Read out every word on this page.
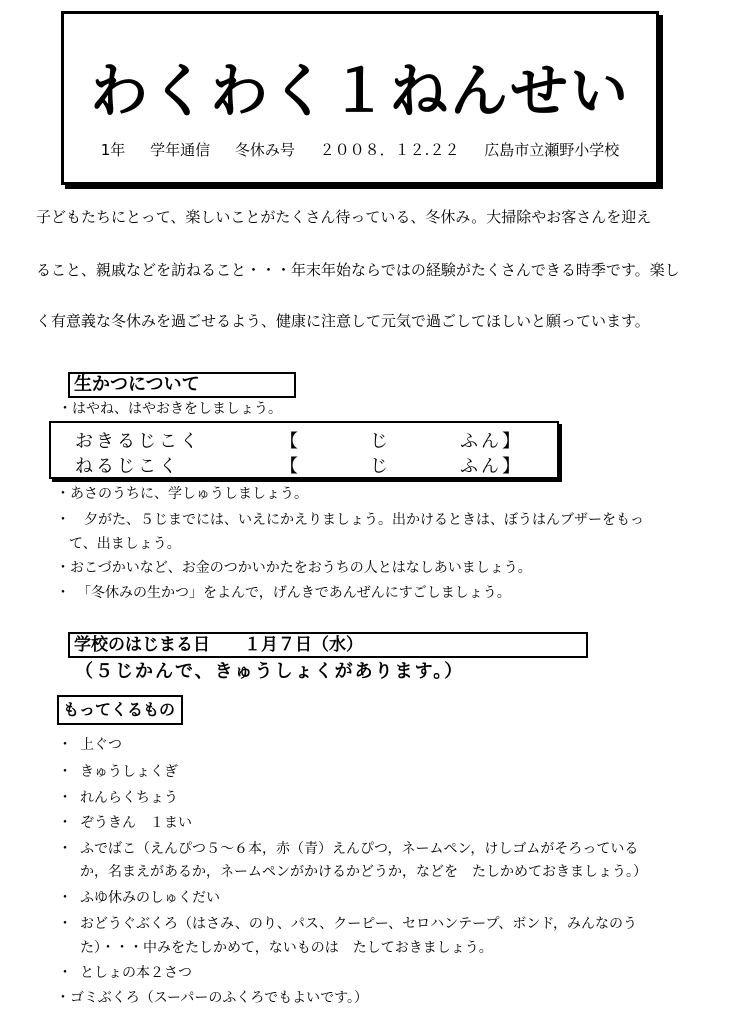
わくわく１ねんせい
1年 学年通信 冬休み号 ２００８．１２.２２ 広島市立瀬野小学校
子どもたちにとって、楽しいことがたくさん待っている、冬休み。大掃除やお客さんを迎え
ること、親戚などを訪ねること・・・年末年始ならではの経験がたくさんできる時季です。楽し
く有意義な冬休みを過ごせるよう、健康に注意して元気で過ごしてほしいと願っています。
生かつについて
・はやね、はやおきをしましょう。
おきるじこく	【	じ	ふん】
ねるじこく	【	じ	ふん】
・あさのうちに、学しゅうしましょう。
・　夕がた、５じまでには、いえにかえりましょう。出かけるときは、ぼうはんブザーをもっ
て、出ましょう。
・おこづかいなど、お金のつかいかたをおうちの人とはなしあいましょう。
・　「冬休みの生かつ」をよんで，げんきであんぜんにすごしましょう。
学校のはじまる日　　１月７日（水）
（５じかんで、きゅうしょくがあります。）
もってくるもの
・ 上ぐつ
・ きゅうしょくぎ
・ れんらくちょう
・ ぞうきん　１まい
・ ふでばこ（えんぴつ５～６本，赤（青）えんぴつ，ネームペン，けしゴムがそろっている
か，名まえがあるか，ネームペンがかけるかどうか，などを　たしかめておきましょう。）
・ ふゆ休みのしゅくだい
・ おどうぐぶくろ（はさみ、のり、パス、クーピー、セロハンテープ、ボンド，みんなのう
た）・・・中みをたしかめて，ないものは　たしておきましょう。
・ としょの本２さつ
・ゴミぶくろ（スーパーのふくろでもよいです。）
